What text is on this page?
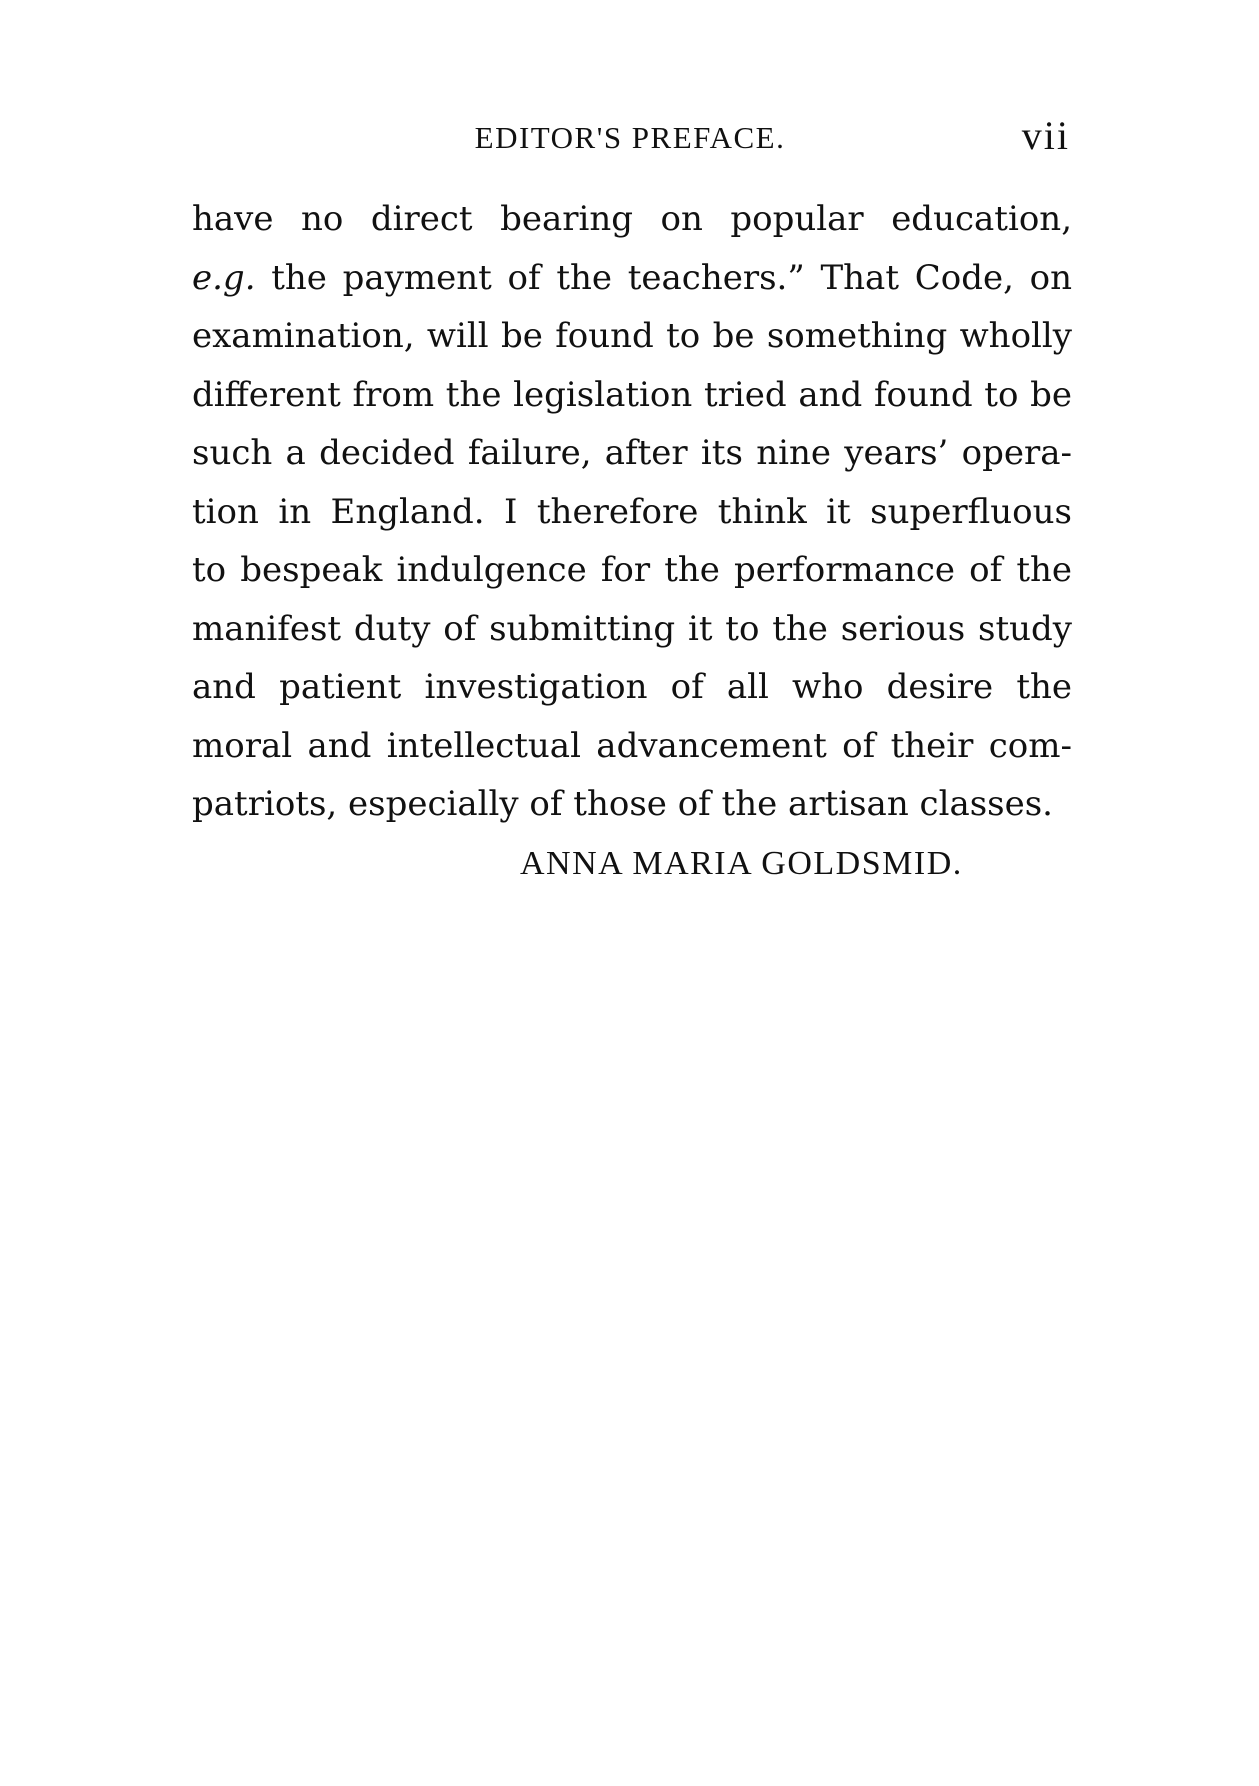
EDITOR'S PREFACE.	vii
have no direct bearing on popular education,
e.g. the payment of the teachers.” That Code, on
examination, will be found to be something wholly
different from the legislation tried and found to be
such a decided failure, after its nine years’ opera-
tion in England. I therefore think it superfluous
to bespeak indulgence for the performance of the
manifest duty of submitting it to the serious study
and patient investigation of all who desire the
moral and intellectual advancement of their com-
patriots, especially of those of the artisan classes.
ANNA MARIA GOLDSMID.
